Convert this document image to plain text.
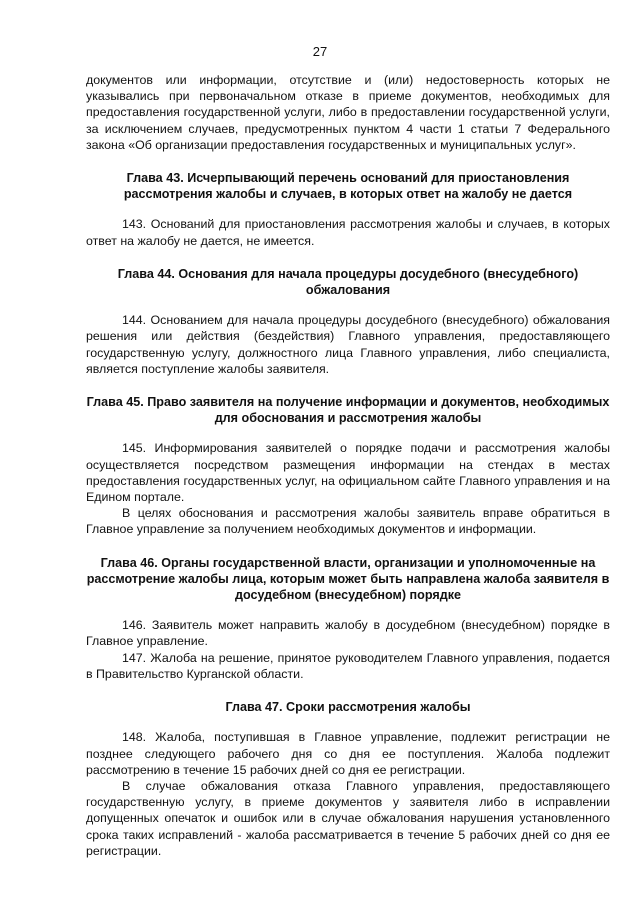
27

документов или информации, отсутствие и (или) недостоверность которых не указывались при первоначальном отказе в приеме документов, необходимых для предоставления государственной услуги, либо в предоставлении государственной услуги, за исключением случаев, предусмотренных пунктом 4 части 1 статьи 7 Федерального закона «Об организации предоставления государственных и муниципальных услуг».

Глава 43. Исчерпывающий перечень оснований для приостановления рассмотрения жалобы и случаев, в которых ответ на жалобу не дается

143. Оснований для приостановления рассмотрения жалобы и случаев, в которых ответ на жалобу не дается, не имеется.

Глава 44. Основания для начала процедуры досудебного (внесудебного) обжалования

144. Основанием для начала процедуры досудебного (внесудебного) обжалования решения или действия (бездействия) Главного управления, предоставляющего государственную услугу, должностного лица Главного управления, либо специалиста, является поступление жалобы заявителя.

Глава 45. Право заявителя на получение информации и документов, необходимых для обоснования и рассмотрения жалобы

145. Информирования заявителей о порядке подачи и рассмотрения жалобы осуществляется посредством размещения информации на стендах в местах предоставления государственных услуг, на официальном сайте Главного управления и на Едином портале.

В целях обоснования и рассмотрения жалобы заявитель вправе обратиться в Главное управление за получением необходимых документов и информации.

Глава 46. Органы государственной власти, организации и уполномоченные на рассмотрение жалобы лица, которым может быть направлена жалоба заявителя в досудебном (внесудебном) порядке

146. Заявитель может направить жалобу в досудебном (внесудебном) порядке в Главное управление.

147. Жалоба на решение, принятое руководителем Главного управления, подается в Правительство Курганской области.

Глава 47. Сроки рассмотрения жалобы

148. Жалоба, поступившая в Главное управление, подлежит регистрации не позднее следующего рабочего дня со дня ее поступления. Жалоба подлежит рассмотрению в течение 15 рабочих дней со дня ее регистрации.

В случае обжалования отказа Главного управления, предоставляющего государственную услугу, в приеме документов у заявителя либо в исправлении допущенных опечаток и ошибок или в случае обжалования нарушения установленного срока таких исправлений - жалоба рассматривается в течение 5 рабочих дней со дня ее регистрации.
